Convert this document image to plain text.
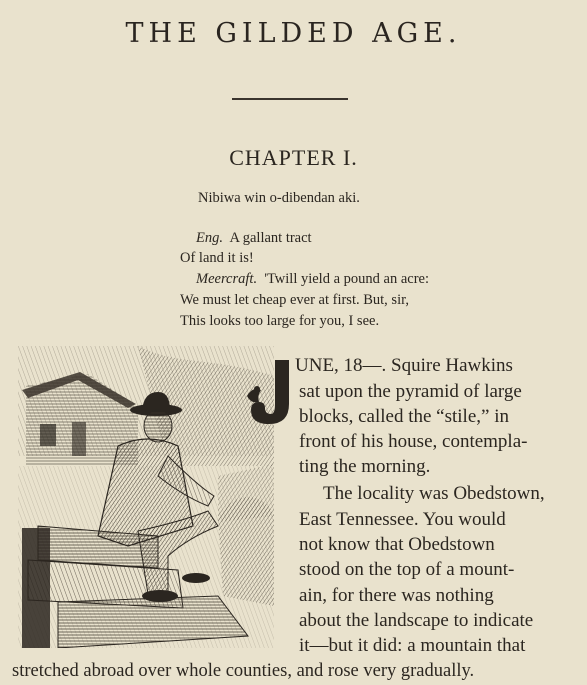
THE GILDED AGE.
CHAPTER I.
Nibiwa win o-dibendan aki.
Eng. A gallant tract
Of land it is!
Meercraft. 'Twill yield a pound an acre:
We must let cheap ever at first. But, sir,
This looks too large for you, I see.
UNE, 18—. Squire Hawkins
sat upon the pyramid of large
blocks, called the “stile,” in
front of his house, contempla-
ting the morning.
The locality was Obedstown,
East Tennessee. You would
not know that Obedstown
stood on the top of a mount-
ain, for there was nothing
about the landscape to indicate
it—but it did: a mountain that
stretched abroad over whole counties, and rose very gradually.
